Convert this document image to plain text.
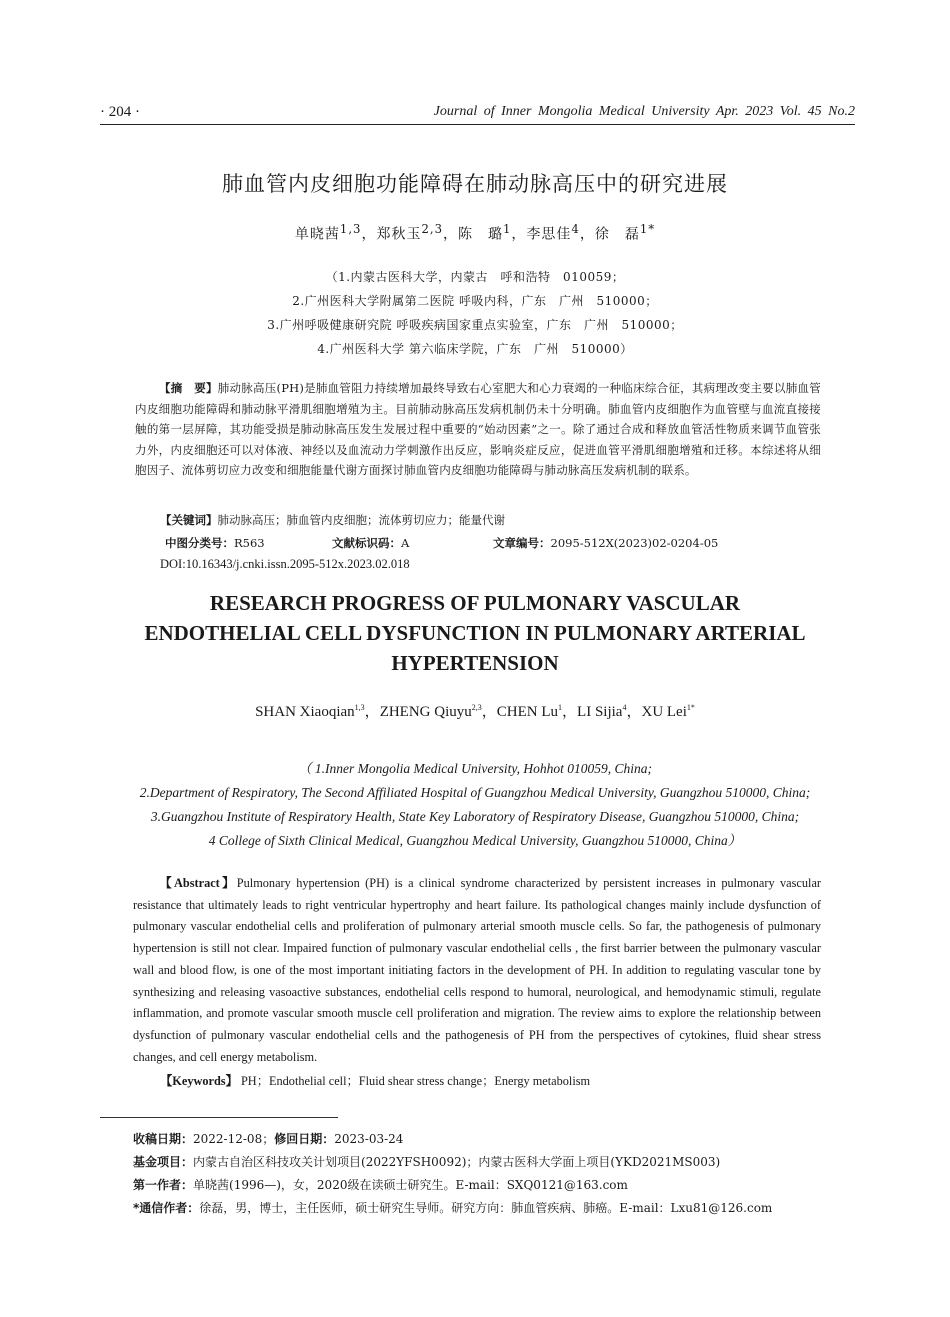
· 204 ·	Journal of Inner Mongolia Medical University Apr. 2023 Vol. 45 No.2
肺血管内皮细胞功能障碍在肺动脉高压中的研究进展
单晓茜$^{1,3}$，郑秋玉$^{2,3}$，陈　璐$^1$，李思佳$^4$，徐　磊$^{1*}$
（1.内蒙古医科大学，内蒙古　呼和浩特　010059；
2.广州医科大学附属第二医院 呼吸内科，广东　广州　510000；
3.广州呼吸健康研究院 呼吸疾病国家重点实验室，广东　广州　510000；
4.广州医科大学 第六临床学院，广东　广州　510000）
【摘　要】肺动脉高压(PH)是肺血管阻力持续增加最终导致右心室肥大和心力衰竭的一种临床综合征，其病理改变主要以肺血管内皮细胞功能障碍和肺动脉平滑肌细胞增殖为主。目前肺动脉高压发病机制仍未十分明确。肺血管内皮细胞作为血管壁与血流直接接触的第一层屏障，其功能受损是肺动脉高压发生发展过程中重要的“始动因素”之一。除了通过合成和释放血管活性物质来调节血管张力外，内皮细胞还可以对体液、神经以及血流动力学刺激作出反应，影响炎症反应，促进血管平滑肌细胞增殖和迁移。本综述将从细胞因子、流体剪切应力改变和细胞能量代谢方面探讨肺血管内皮细胞功能障碍与肺动脉高压发病机制的联系。
【关键词】肺动脉高压；肺血管内皮细胞；流体剪切应力；能量代谢
中图分类号：R563	文献标识码：A	文章编号：2095-512X(2023)02-0204-05
DOI:10.16343/j.cnki.issn.2095-512x.2023.02.018
RESEARCH PROGRESS OF PULMONARY VASCULAR
ENDOTHELIAL CELL DYSFUNCTION IN PULMONARY ARTERIAL
HYPERTENSION
SHAN Xiaoqian$^{1,3}$，ZHENG Qiuyu$^{2,3}$，CHEN Lu$^1$，LI Sijia$^4$，XU Lei$^{1*}$
（ 1.Inner Mongolia Medical University, Hohhot 010059, China;
2.Department of Respiratory, The Second Affiliated Hospital of Guangzhou Medical University, Guangzhou 510000, China;
3.Guangzhou Institute of Respiratory Health, State Key Laboratory of Respiratory Disease, Guangzhou 510000, China;
4 College of Sixth Clinical Medical, Guangzhou Medical University, Guangzhou 510000, China）
【Abstract】Pulmonary hypertension (PH) is a clinical syndrome characterized by persistent increases in pulmonary vascular resistance that ultimately leads to right ventricular hypertrophy and heart failure. Its pathological changes mainly include dysfunction of pulmonary vascular endothelial cells and proliferation of pulmonary arterial smooth muscle cells. So far, the pathogenesis of pulmonary hypertension is still not clear. Impaired function of pulmonary vascular endothelial cells , the first barrier between the pulmonary vascular wall and blood flow, is one of the most important initiating factors in the development of PH. In addition to regulating vascular tone by synthesizing and releasing vasoactive substances, endothelial cells respond to humoral, neurological, and hemodynamic stimuli, regulate inflammation, and promote vascular smooth muscle cell proliferation and migration. The review aims to explore the relationship between dysfunction of pulmonary vascular endothelial cells and the pathogenesis of PH from the perspectives of cytokines, fluid shear stress changes, and cell energy metabolism.
【Keywords】 PH；Endothelial cell；Fluid shear stress change；Energy metabolism
收稿日期：2022-12-08；修回日期：2023-03-24
基金项目：内蒙古自治区科技攻关计划项目(2022YFSH0092)；内蒙古医科大学面上项目(YKD2021MS003)
第一作者：单晓茜(1996—)，女，2020级在读硕士研究生。E-mail：SXQ0121@163.com
*通信作者：徐磊，男，博士，主任医师，硕士研究生导师。研究方向：肺血管疾病、肺癌。E-mail：Lxu81@126.com
